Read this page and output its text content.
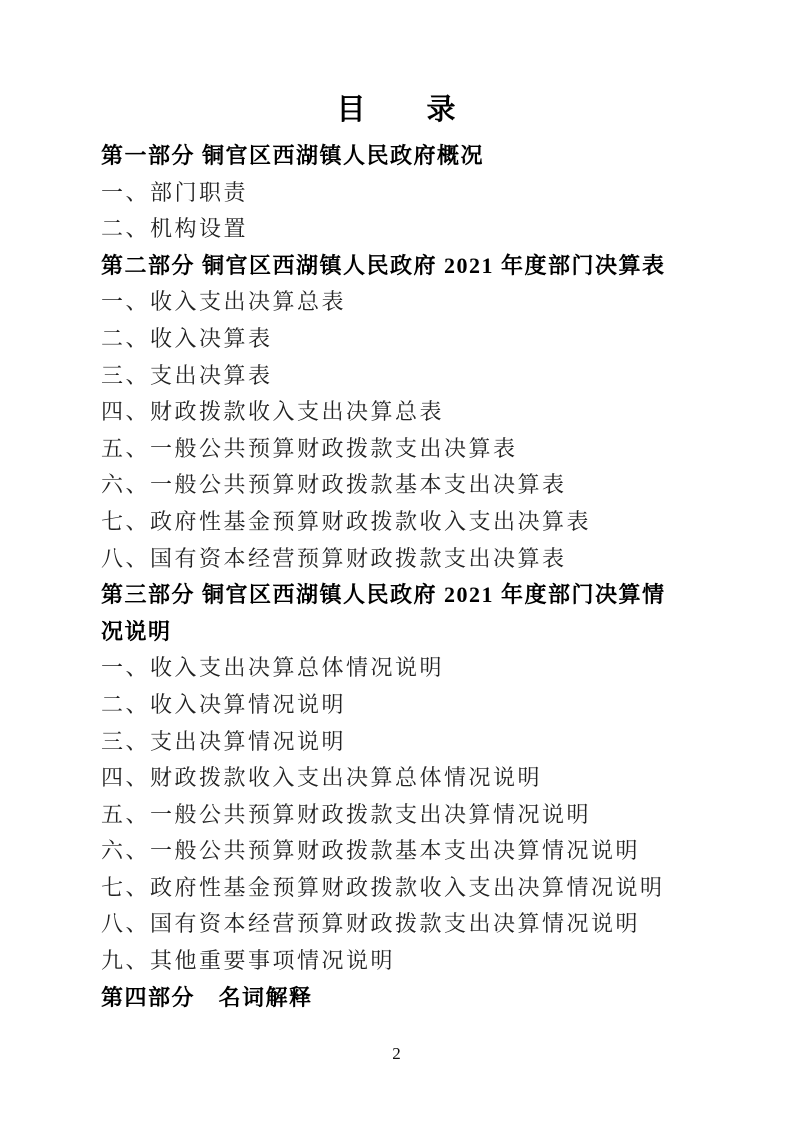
目　　录
第一部分 铜官区西湖镇人民政府概况
一、部门职责
二、机构设置
第二部分 铜官区西湖镇人民政府 2021 年度部门决算表
一、收入支出决算总表
二、收入决算表
三、支出决算表
四、财政拨款收入支出决算总表
五、一般公共预算财政拨款支出决算表
六、一般公共预算财政拨款基本支出决算表
七、政府性基金预算财政拨款收入支出决算表
八、国有资本经营预算财政拨款支出决算表
第三部分 铜官区西湖镇人民政府 2021 年度部门决算情况说明
一、收入支出决算总体情况说明
二、收入决算情况说明
三、支出决算情况说明
四、财政拨款收入支出决算总体情况说明
五、一般公共预算财政拨款支出决算情况说明
六、一般公共预算财政拨款基本支出决算情况说明
七、政府性基金预算财政拨款收入支出决算情况说明
八、国有资本经营预算财政拨款支出决算情况说明
九、其他重要事项情况说明
第四部分　名词解释
2
